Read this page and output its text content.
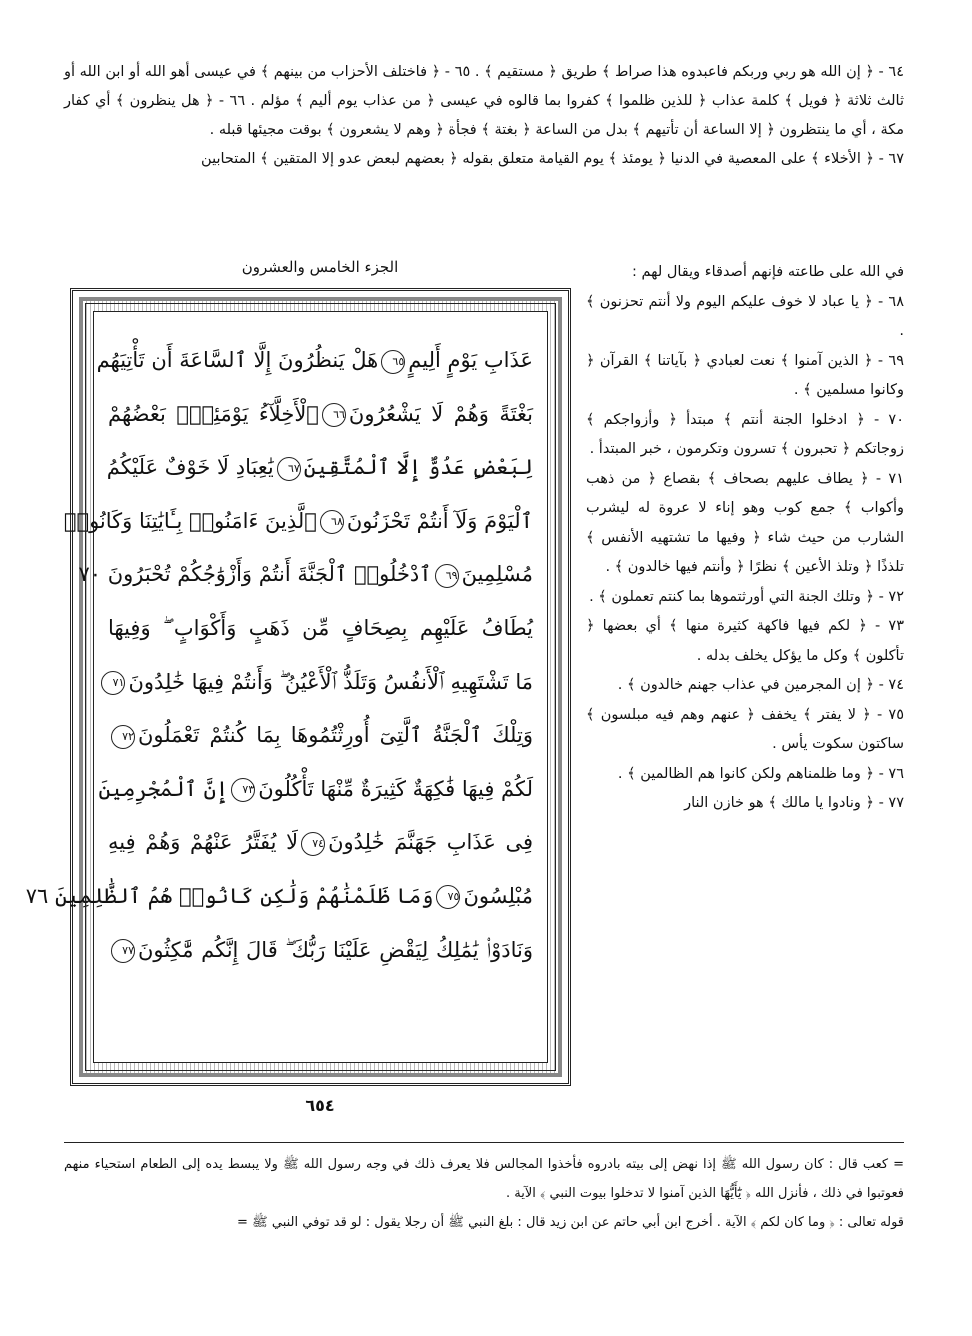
٦٤ - ﴿ إن الله هو ربي وربكم فاعبدوه هذا صراط ﴾ طريق ﴿ مستقيم ﴾ . ٦٥ - ﴿ فاختلف الأحزاب من بينهم ﴾ في عيسى أهو الله أو ابن الله أو ثالث ثلاثة ﴿ فويل ﴾ كلمة عذاب ﴿ للذين ظلموا ﴾ كفروا بما قالوه في عيسى ﴿ من عذاب يوم أليم ﴾ مؤلم . ٦٦ - ﴿ هل ينظرون ﴾ أي كفار مكة ، أي ما ينتظرون ﴿ إلا الساعة أن تأتيهم ﴾ بدل من الساعة ﴿ بغتة ﴾ فجأة ﴿ وهم لا يشعرون ﴾ بوقت مجيئها قبله .

٦٧ - ﴿ الأخلاء ﴾ على المعصية في الدنيا ﴿ يومئذ ﴾ يوم القيامة متعلق بقوله ﴿ بعضهم لبعض عدو إلا المتقين ﴾ المتحابين

الجزء الخامس والعشرون
عَذَابِ يَوْمٍ أَلِيمٍ٦٥هَلْ يَنظُرُونَ إِلَّا ٱلسَّاعَةَ أَن تَأْتِيَهُم
بَغْتَةً وَهُمْ لَا يَشْعُرُونَ٦٦ٱلْأَخِلَّآءُ يَوْمَئِذٍۭ بَعْضُهُمْ
لِبَعْضٍ عَدُوٌّ إِلَّا ٱلْمُتَّقِينَ٦٧يَٰعِبَادِ لَا خَوْفٌ عَلَيْكُمُ
ٱلْيَوْمَ وَلَآ أَنتُمْ تَحْزَنُونَ٦٨ٱلَّذِينَ ءَامَنُوا۟ بِـَٔايَٰتِنَا وَكَانُوا۟
مُسْلِمِينَ٦٩ٱدْخُلُوا۟ ٱلْجَنَّةَ أَنتُمْ وَأَزْوَٰجُكُمْ تُحْبَرُونَ ٧٠
يُطَافُ عَلَيْهِم بِصِحَافٍ مِّن ذَهَبٍ وَأَكْوَابٍ ۖ وَفِيهَا
مَا تَشْتَهِيهِ ٱلْأَنفُسُ وَتَلَذُّ ٱلْأَعْيُنُ ۖ وَأَنتُمْ فِيهَا خَٰلِدُونَ٧١
وَتِلْكَ ٱلْجَنَّةُ ٱلَّتِىٓ أُورِثْتُمُوهَا بِمَا كُنتُمْ تَعْمَلُونَ٧٢
لَكُمْ فِيهَا فَٰكِهَةٌ كَثِيرَةٌ مِّنْهَا تَأْكُلُونَ٧٣إِنَّ ٱلْمُجْرِمِينَ
فِى عَذَابِ جَهَنَّمَ خَٰلِدُونَ٧٤لَا يُفَتَّرُ عَنْهُمْ وَهُمْ فِيهِ
مُبْلِسُونَ٧٥وَمَا ظَلَمْنَٰهُمْ وَلَٰكِن كَانُوا۟ هُمُ ٱلظَّٰلِمِينَ ٧٦
وَنَادَوْا۟ يَٰمَٰلِكُ لِيَقْضِ عَلَيْنَا رَبُّكَ ۖ قَالَ إِنَّكُم مَّٰكِثُونَ٧٧

في الله على طاعته فإنهم أصدقاء ويقال لهم :

٦٨ - ﴿ يا عباد لا خوف عليكم اليوم ولا أنتم تحزنون ﴾ .

٦٩ - ﴿ الذين آمنوا ﴾ نعت لعبادي ﴿ بآياتنا ﴾ القرآن ﴿ وكانوا مسلمين ﴾ .

٧٠ - ﴿ ادخلوا الجنة أنتم ﴾ مبتدأ ﴿ وأزواجكم ﴾ زوجاتكم ﴿ تحبرون ﴾ تسرون وتكرمون ، خبر المبتدأ .

٧١ - ﴿ يطاف عليهم بصحاف ﴾ بقصاع ﴿ من ذهب وأكواب ﴾ جمع كوب وهو إناء لا عروة له ليشرب الشارب من حيث شاء ﴿ وفيها ما تشتهيه الأنفس ﴾ تلذذًا ﴿ وتلذ الأعين ﴾ نظرًا ﴿ وأنتم فيها خالدون ﴾ .

٧٢ - ﴿ وتلك الجنة التي أورثتموها بما كنتم تعملون ﴾ .

٧٣ - ﴿ لكم فيها فاكهة كثيرة منها ﴾ أي بعضها ﴿ تأكلون ﴾ وكل ما يؤكل يخلف بدله .

٧٤ - ﴿ إن المجرمين في عذاب جهنم خالدون ﴾ .

٧٥ - ﴿ لا يفتر ﴾ يخفف ﴿ عنهم وهم فيه مبلسون ﴾ ساكتون سكوت يأس .

٧٦ - ﴿ وما ظلمناهم ولكن كانوا هم الظالمين ﴾ .

٧٧ - ﴿ ونادوا يا مالك ﴾ هو خازن النار

٦٥٤

= كعب قال : كان رسول الله ﷺ إذا نهض إلى بيته بادروه فأخذوا المجالس فلا يعرف ذلك في وجه رسول الله ﷺ ولا يبسط يده إلى الطعام استحياء منهم فعوتبوا في ذلك ، فأنزل الله ﴿ يَٰٓأَيُّهَا الذين آمنوا لا تدخلوا بيوت النبي ﴾ الآية .

قوله تعالى : ﴿ وما كان لكم ﴾ الآية . أخرج ابن أبي حاتم عن ابن زيد قال : بلغ النبي ﷺ أن رجلا يقول : لو قد توفي النبي ﷺ =
